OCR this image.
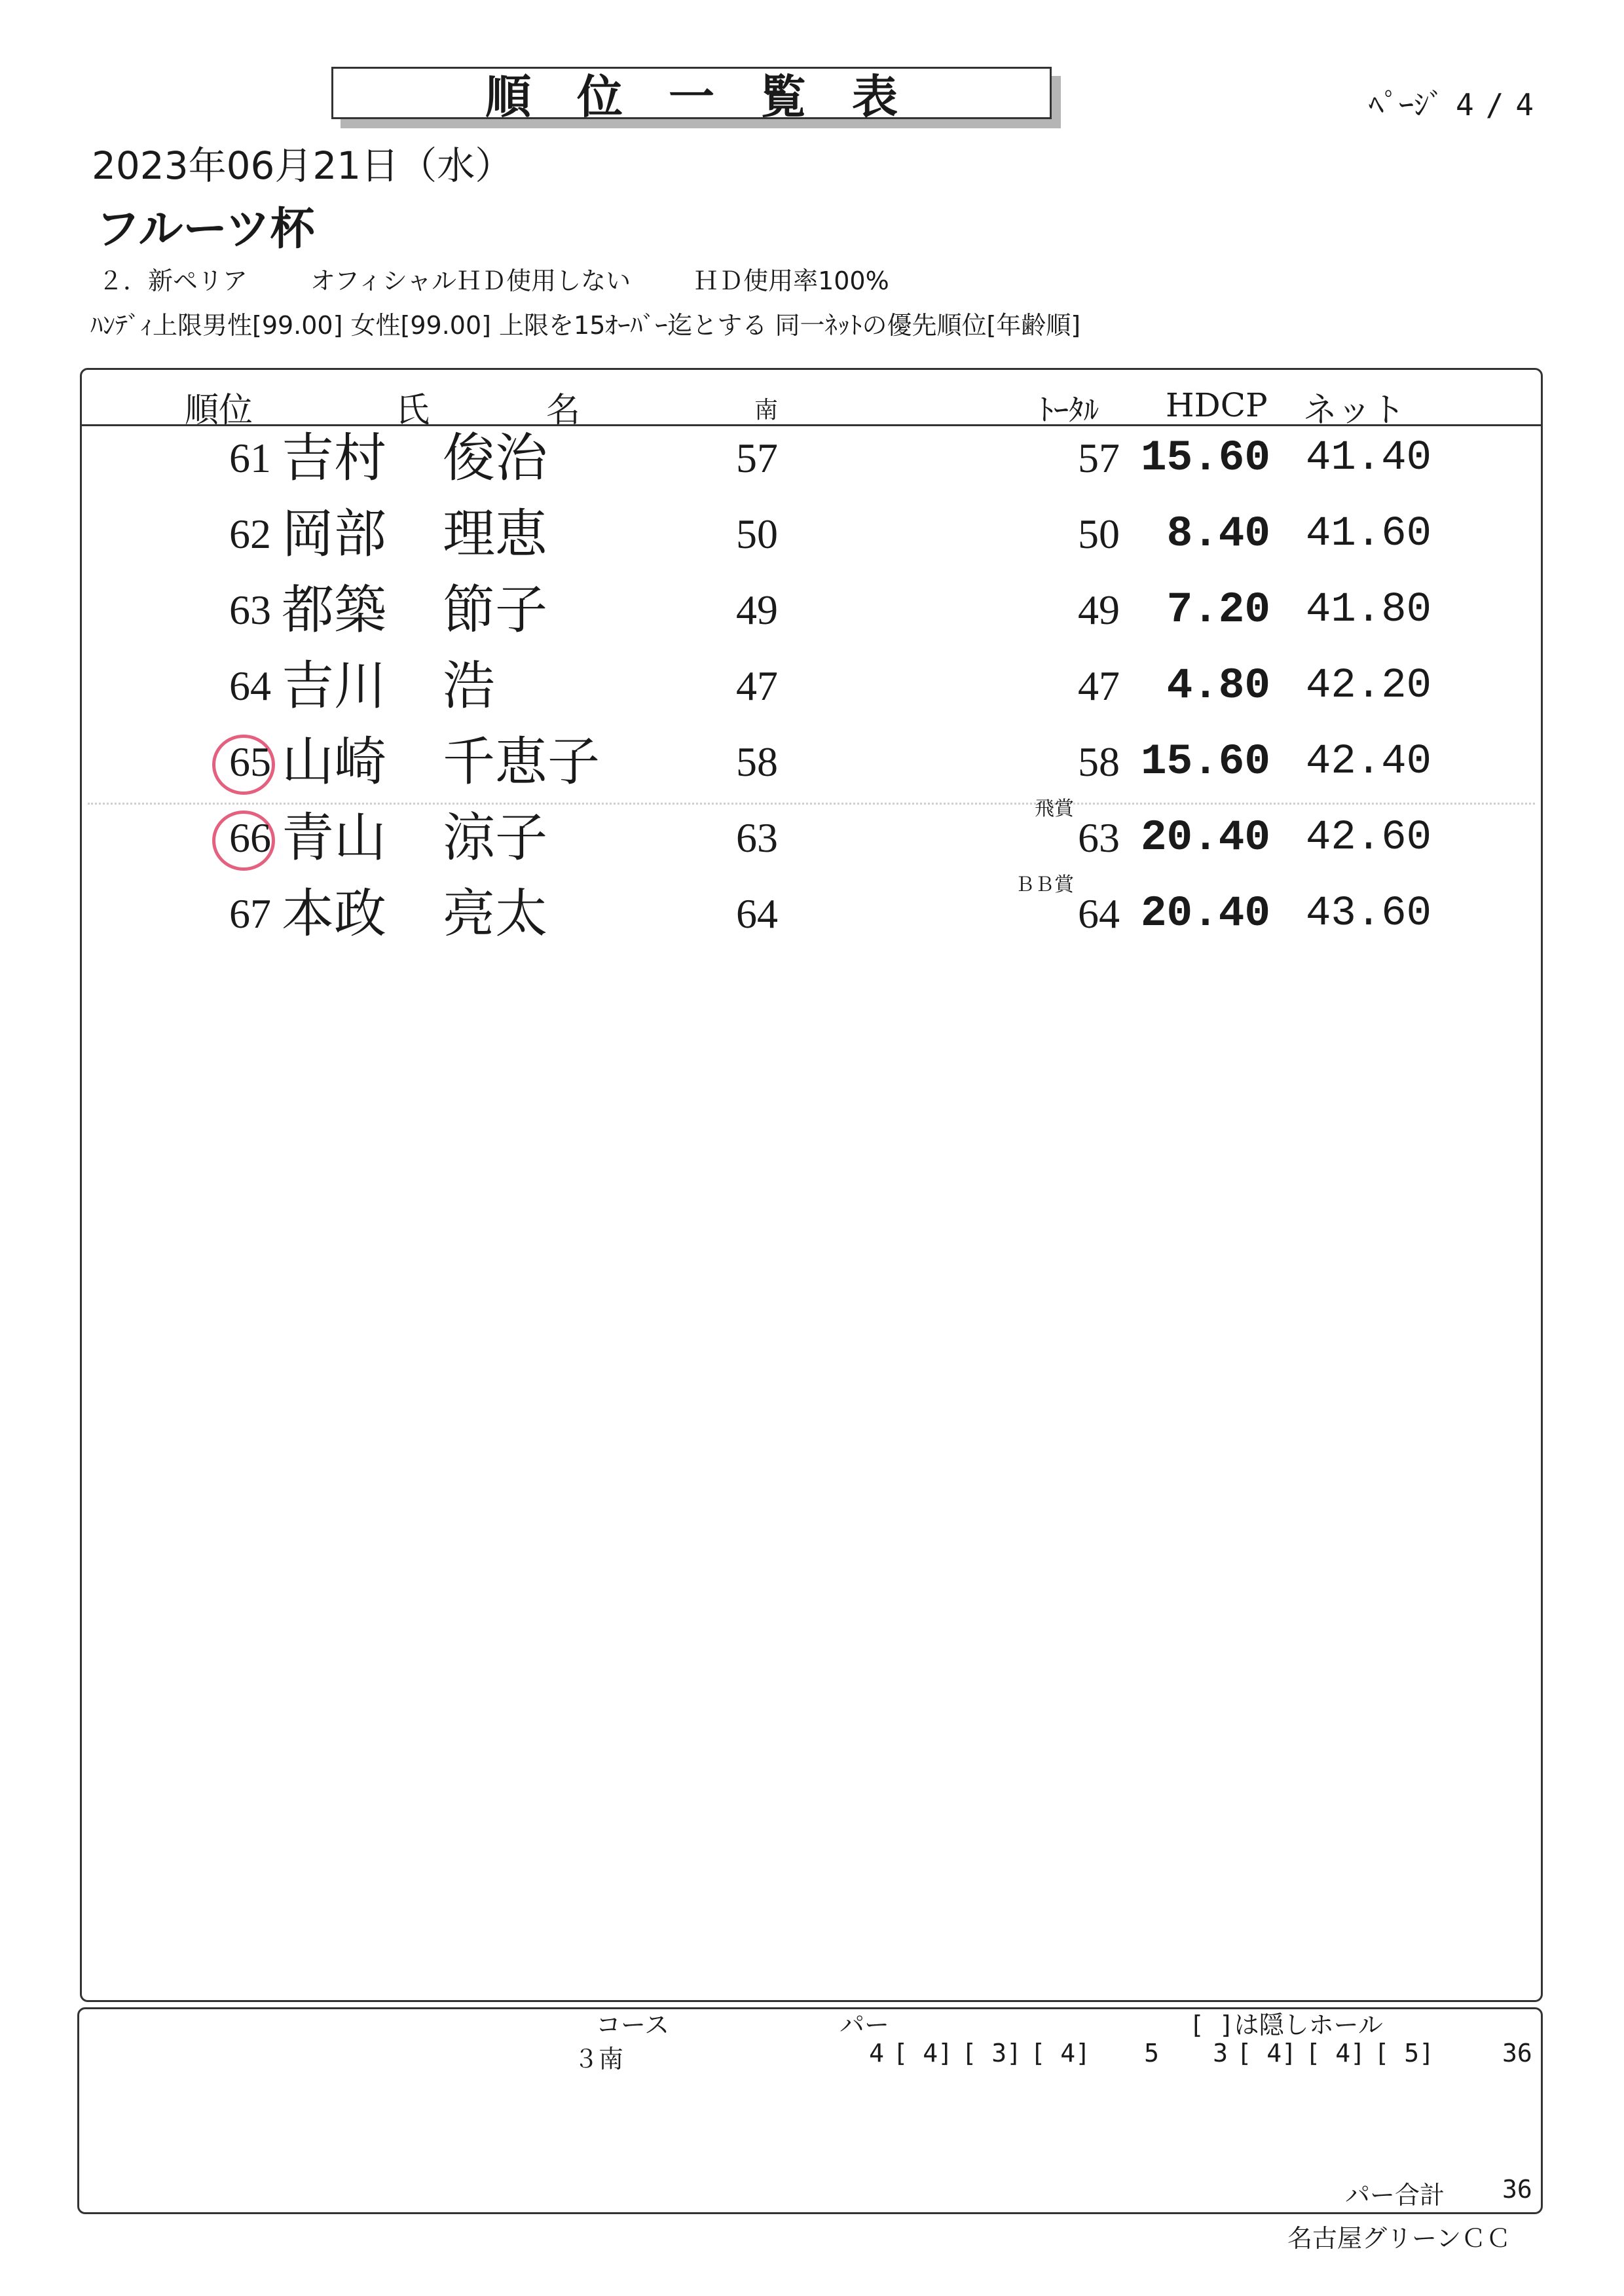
順位一覧表	ﾍﾟｰｼﾞ 4 / 4
2023年06月21日（水）
フルーツ杯
２．新ペリア	オフィシャルＨＤ使用しない	ＨＤ使用率100%
ﾊﾝﾃﾞｨ上限男性[99.00] 女性[99.00] 上限を15ｵｰﾊﾞｰ迄とする 同一ﾈｯﾄの優先順位[年齢順]
順位	氏	名	南	ﾄｰﾀﾙ HDCP ネット
61 吉村 俊治	57	57 15.60 41.40
62 岡部 理恵	50	50 8.40 41.60
63 都築 節子	49	49 7.20 41.80
64 吉川 浩	47	47 4.80 42.20
65 山崎 千恵子	58	58 15.60 42.40
飛賞
66 青山 涼子	63	63 20.40 42.60
ＢＢ賞
67 本政 亮太	64	64 20.40 43.60
コース	パー	[ ]は隠しホール
３南	4 [ 4] [ 3] [ 4]	5	3 [ 4] [ 4] [ 5]	36
パー合計 36
名古屋グリーンＣＣ
